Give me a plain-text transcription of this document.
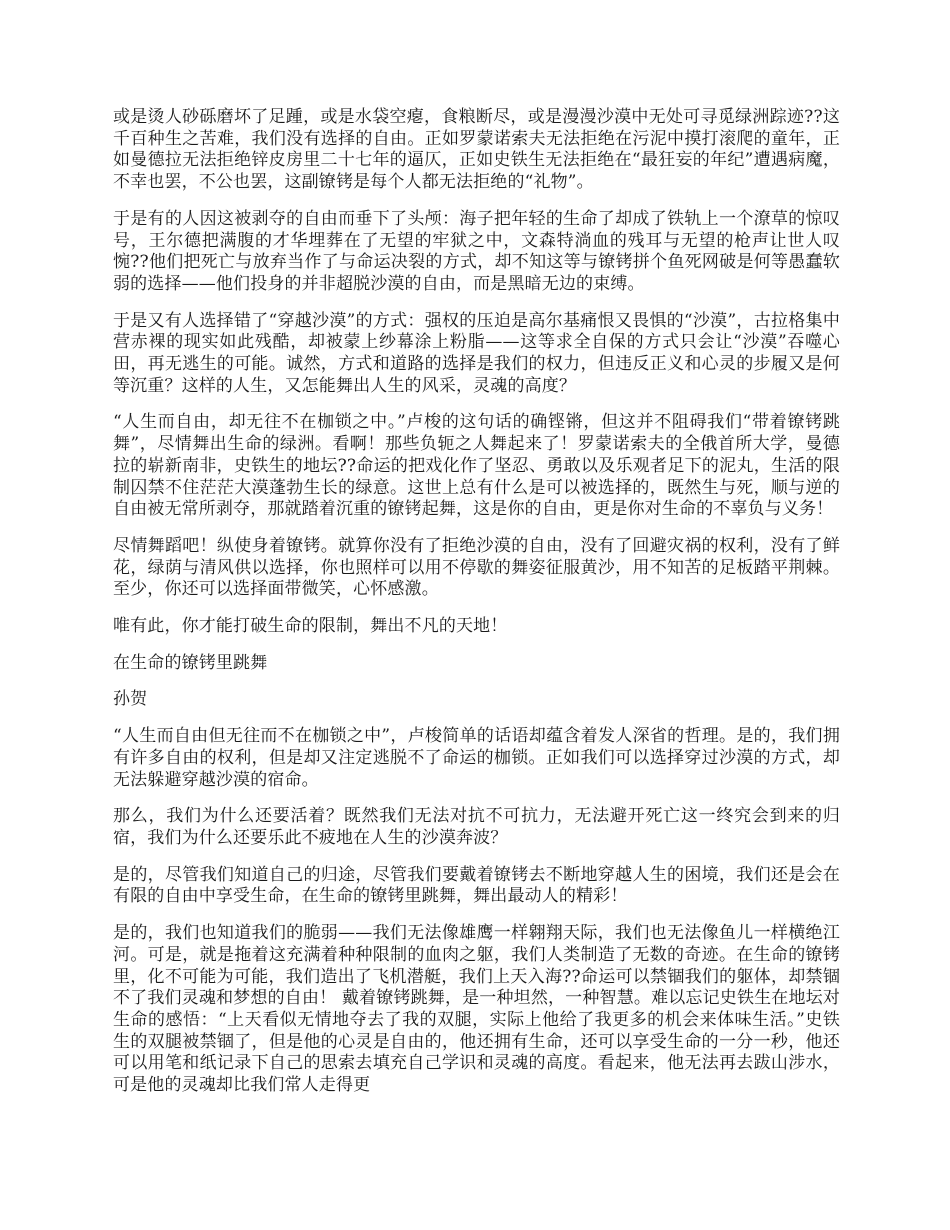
或是烫人砂砾磨坏了足踵，或是水袋空瘪，食粮断尽，或是漫漫沙漠中无处可寻觅绿洲踪迹??这千百种生之苦难，我们没有选择的自由。正如罗蒙诺索夫无法拒绝在污泥中摸打滚爬的童年，正如曼德拉无法拒绝锌皮房里二十七年的逼仄，正如史铁生无法拒绝在“最狂妄的年纪”遭遇病魔，不幸也罢，不公也罢，这副镣铐是每个人都无法拒绝的“礼物”。

于是有的人因这被剥夺的自由而垂下了头颅：海子把年轻的生命了却成了铁轨上一个潦草的惊叹号，王尔德把满腹的才华埋葬在了无望的牢狱之中，文森特淌血的残耳与无望的枪声让世人叹惋??他们把死亡与放弃当作了与命运决裂的方式，却不知这等与镣铐拼个鱼死网破是何等愚蠢软弱的选择——他们投身的并非超脱沙漠的自由，而是黑暗无边的束缚。

于是又有人选择错了“穿越沙漠”的方式：强权的压迫是高尔基痛恨又畏惧的“沙漠”，古拉格集中营赤裸的现实如此残酷，却被蒙上纱幕涂上粉脂——这等求全自保的方式只会让“沙漠”吞噬心田，再无逃生的可能。诚然，方式和道路的选择是我们的权力，但违反正义和心灵的步履又是何等沉重？这样的人生，又怎能舞出人生的风采，灵魂的高度？

“人生而自由，却无往不在枷锁之中。”卢梭的这句话的确铿锵，但这并不阻碍我们“带着镣铐跳舞”，尽情舞出生命的绿洲。看啊！那些负轭之人舞起来了！罗蒙诺索夫的全俄首所大学，曼德拉的崭新南非，史铁生的地坛??命运的把戏化作了坚忍、勇敢以及乐观者足下的泥丸，生活的限制囚禁不住茫茫大漠蓬勃生长的绿意。这世上总有什么是可以被选择的，既然生与死，顺与逆的自由被无常所剥夺，那就踏着沉重的镣铐起舞，这是你的自由，更是你对生命的不辜负与义务！

尽情舞蹈吧！纵使身着镣铐。就算你没有了拒绝沙漠的自由，没有了回避灾祸的权利，没有了鲜花，绿荫与清风供以选择，你也照样可以用不停歇的舞姿征服黄沙，用不知苦的足板踏平荆棘。至少，你还可以选择面带微笑，心怀感激。

唯有此，你才能打破生命的限制，舞出不凡的天地！

在生命的镣铐里跳舞

孙贺

“人生而自由但无往而不在枷锁之中”，卢梭简单的话语却蕴含着发人深省的哲理。是的，我们拥有许多自由的权利，但是却又注定逃脱不了命运的枷锁。正如我们可以选择穿过沙漠的方式，却无法躲避穿越沙漠的宿命。

那么，我们为什么还要活着？既然我们无法对抗不可抗力，无法避开死亡这一终究会到来的归宿，我们为什么还要乐此不疲地在人生的沙漠奔波？

是的，尽管我们知道自己的归途，尽管我们要戴着镣铐去不断地穿越人生的困境，我们还是会在有限的自由中享受生命，在生命的镣铐里跳舞，舞出最动人的精彩！

是的，我们也知道我们的脆弱——我们无法像雄鹰一样翱翔天际，我们也无法像鱼儿一样横绝江河。可是，就是拖着这充满着种种限制的血肉之躯，我们人类制造了无数的奇迹。在生命的镣铐里，化不可能为可能，我们造出了飞机潜艇，我们上天入海??命运可以禁锢我们的躯体，却禁锢不了我们灵魂和梦想的自由！ 戴着镣铐跳舞，是一种坦然，一种智慧。难以忘记史铁生在地坛对生命的感悟：“上天看似无情地夺去了我的双腿，实际上他给了我更多的机会来体味生活。”史铁生的双腿被禁锢了，但是他的心灵是自由的，他还拥有生命，还可以享受生命的一分一秒，他还可以用笔和纸记录下自己的思索去填充自己学识和灵魂的高度。看起来，他无法再去跋山涉水，可是他的灵魂却比我们常人走得更
